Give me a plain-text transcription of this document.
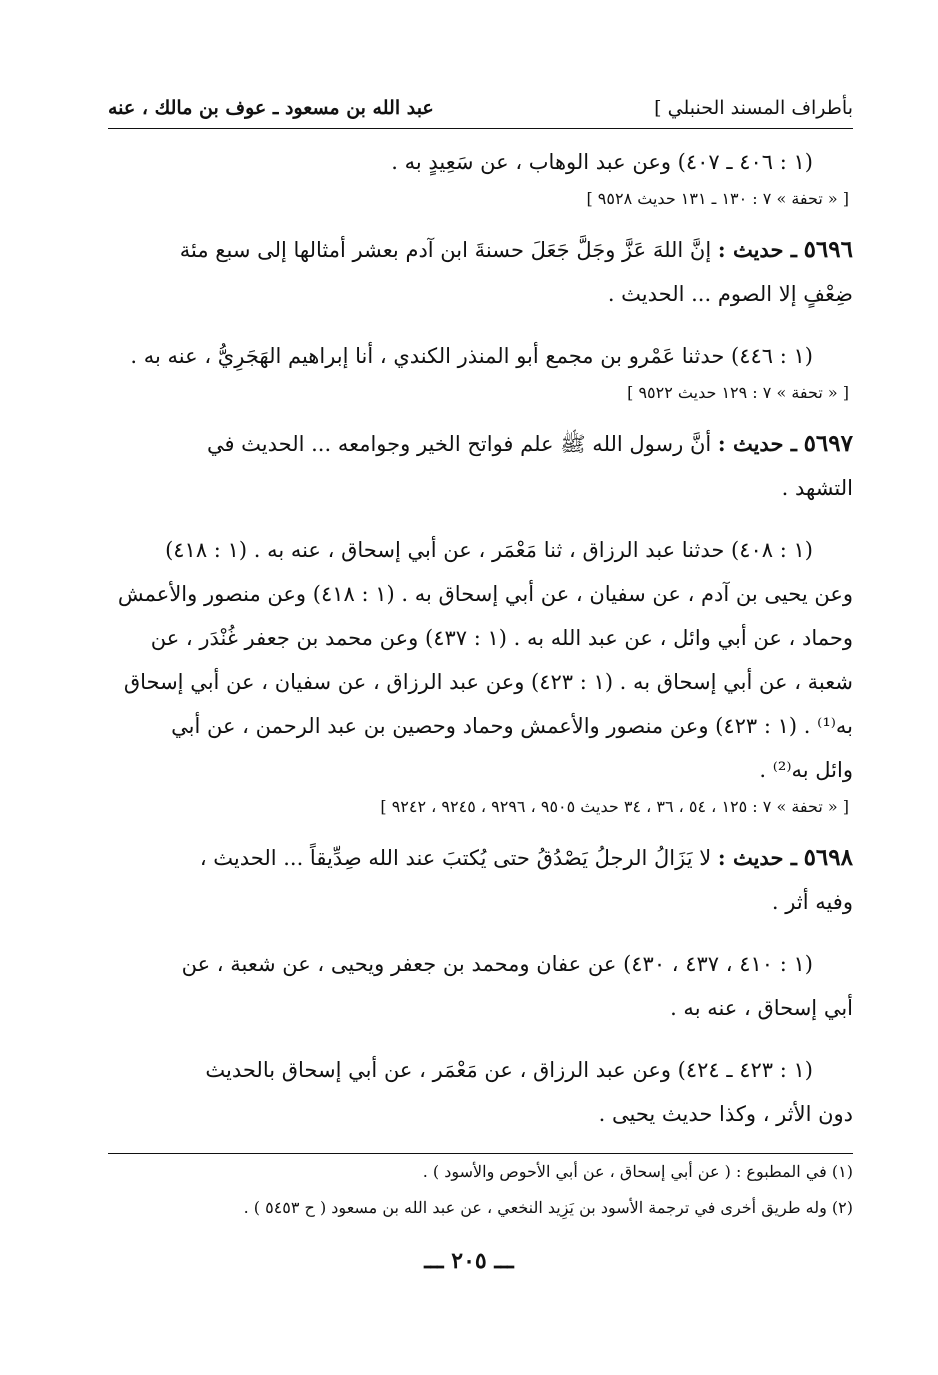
بأطراف المسند الحنبلي ]
عبد الله بن مسعود ـ عوف بن مالك ، عنه
(١ : ٤٠٦ ـ ٤٠٧) وعن عبد الوهاب ، عن سَعِيدٍ به .
[ « تحفة » ٧ : ١٣٠ ـ ١٣١ حديث ٩٥٢٨ ]
٥٦٩٦ ـ حديث : إنَّ اللهَ عَزَّ وجَلَّ جَعَلَ حسنةَ ابن آدم بعشر أمثالها إلى سبع مئة
ضِعْفٍ إلا الصوم ... الحديث .
(١ : ٤٤٦) حدثنا عَمْرو بن مجمع أبو المنذر الكندي ، أنا إبراهيم الهَجَرِيُّ ، عنه به .
[ « تحفة » ٧ : ١٢٩ حديث ٩٥٢٢ ]
٥٦٩٧ ـ حديث : أنَّ رسول الله ﷺ علم فواتح الخير وجوامعه ... الحديث في
التشهد .
(١ : ٤٠٨) حدثنا عبد الرزاق ، ثنا مَعْمَر ، عن أبي إسحاق ، عنه به . (١ : ٤١٨)
وعن يحيى بن آدم ، عن سفيان ، عن أبي إسحاق به . (١ : ٤١٨) وعن منصور والأعمش
وحماد ، عن أبي وائل ، عن عبد الله به . (١ : ٤٣٧) وعن محمد بن جعفر غُنْدَر ، عن
شعبة ، عن أبي إسحاق به . (١ : ٤٢٣) وعن عبد الرزاق ، عن سفيان ، عن أبي إسحاق
به⁽¹⁾ . (١ : ٤٢٣) وعن منصور والأعمش وحماد وحصين بن عبد الرحمن ، عن أبي
وائل به⁽²⁾ .
[ « تحفة » ٧ : ١٢٥ ، ٥٤ ، ٣٦ ، ٣٤ حديث ٩٥٠٥ ، ٩٢٩٦ ، ٩٢٤٥ ، ٩٢٤٢ ]
٥٦٩٨ ـ حديث : لا يَزَالُ الرجلُ يَصْدُقُ حتى يُكتبَ عند الله صِدِّيقاً ... الحديث ،
وفيه أثر .
(١ : ٤١٠ ، ٤٣٧ ، ٤٣٠) عن عفان ومحمد بن جعفر ويحيى ، عن شعبة ، عن
أبي إسحاق ، عنه به .
(١ : ٤٢٣ ـ ٤٢٤) وعن عبد الرزاق ، عن مَعْمَر ، عن أبي إسحاق بالحديث
دون الأثر ، وكذا حديث يحيى .
(١) في المطبوع : ( عن أبي إسحاق ، عن أبي الأحوص والأسود ) .
(٢) وله طريق أخرى في ترجمة الأسود بن يَزِيد النخعي ، عن عبد الله بن مسعود ( ح ٥٤٥٣ ) .
ـــ ٢٠٥ ـــ
